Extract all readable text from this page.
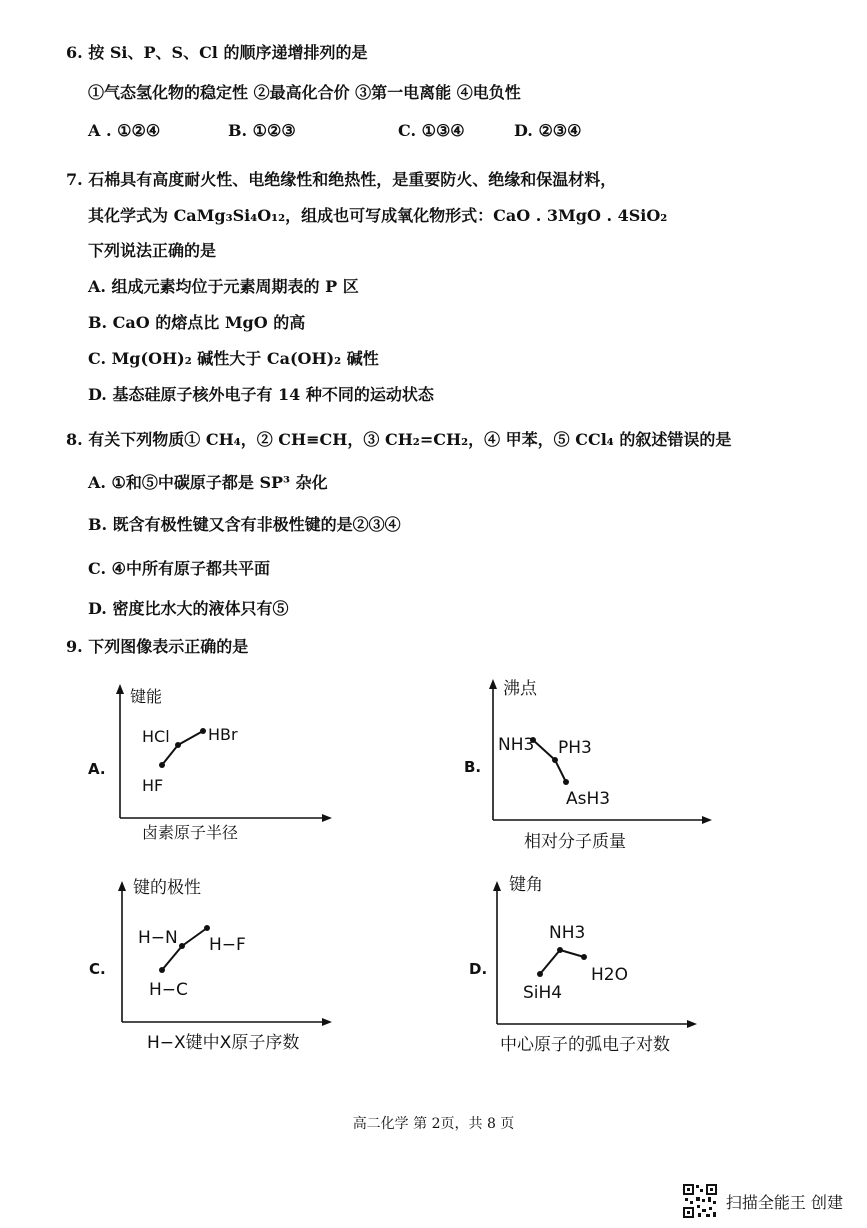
6. 按 Si、P、S、Cl 的顺序递增排列的是
①气态氢化物的稳定性 ②最高化合价 ③第一电离能 ④电负性
A . ①②④	B. ①②③	C. ①③④	D. ②③④
7. 石棉具有高度耐火性、电绝缘性和绝热性，是重要防火、绝缘和保温材料，
其化学式为 CaMg₃Si₄O₁₂，组成也可写成氧化物形式：CaO . 3MgO . 4SiO₂
下列说法正确的是
A. 组成元素均位于元素周期表的 P 区
B. CaO 的熔点比 MgO 的高
C. Mg(OH)₂ 碱性大于 Ca(OH)₂ 碱性
D. 基态硅原子核外电子有 14 种不同的运动状态
8. 有关下列物质① CH₄，② CH≡CH，③ CH₂=CH₂，④ 甲苯，⑤ CCl₄ 的叙述错误的是
A. ①和⑤中碳原子都是 SP³ 杂化
B. 既含有极性键又含有非极性键的是②③④
C. ④中所有原子都共平面
D. 密度比水大的液体只有⑤
9. 下列图像表示正确的是
A.
键能
卤素原子半径
HF
HCl HBr
B.
沸点
相对分子质量
NH3 PH3
AsH3
C.
键的极性
H−X键中X原子序数
H−C
H−N H−F
D.
键角
中心原子的弧电子对数
SiH4
NH3
H2O
高二化学 第 2页，共 8 页
扫描全能王 创建
